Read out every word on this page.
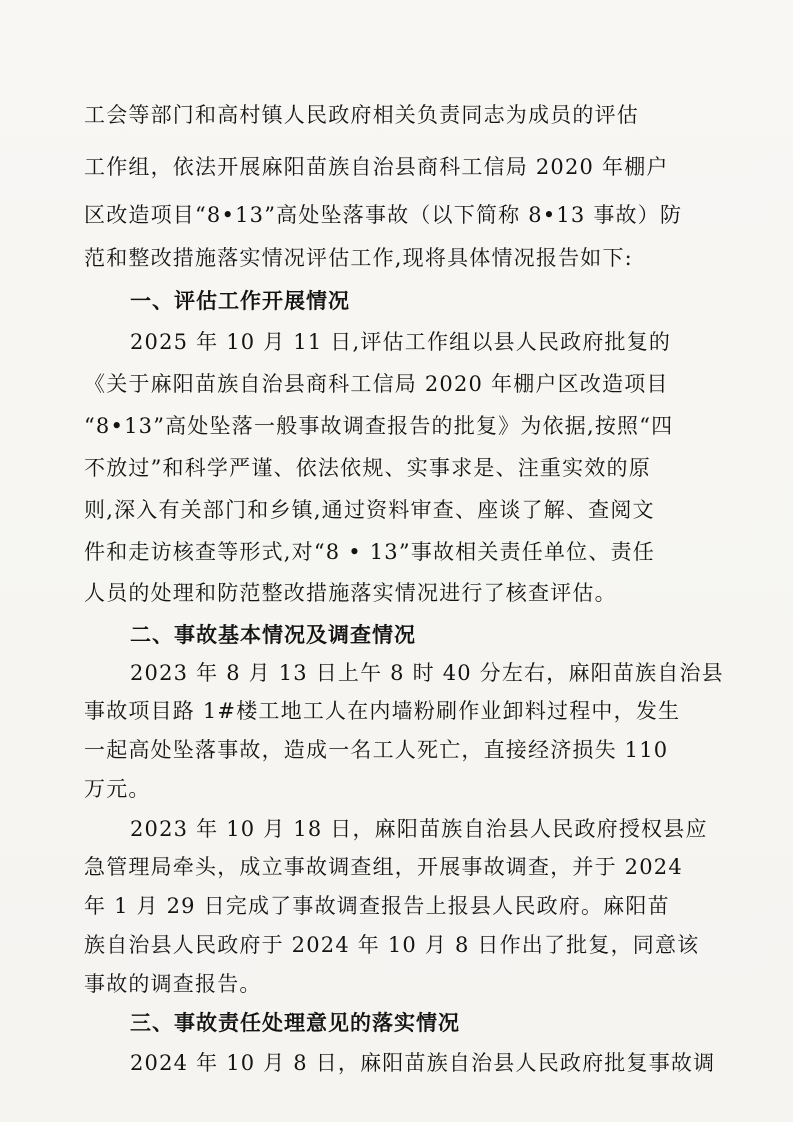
工会等部门和高村镇人民政府相关负责同志为成员的评估
工作组，依法开展麻阳苗族自治县商科工信局 2020 年棚户
区改造项目“8•13”高处坠落事故（以下简称 8•13 事故）防
范和整改措施落实情况评估工作,现将具体情况报告如下:
一、评估工作开展情况
2025 年 10 月 11 日,评估工作组以县人民政府批复的
《关于麻阳苗族自治县商科工信局 2020 年棚户区改造项目
“8•13”高处坠落一般事故调查报告的批复》为依据,按照“四
不放过”和科学严谨、依法依规、实事求是、注重实效的原
则,深入有关部门和乡镇,通过资料审查、座谈了解、查阅文
件和走访核查等形式,对“8 • 13”事故相关责任单位、责任
人员的处理和防范整改措施落实情况进行了核查评估。
二、事故基本情况及调查情况
2023 年 8 月 13 日上午 8 时 40 分左右，麻阳苗族自治县
事故项目路 1#楼工地工人在内墙粉刷作业卸料过程中，发生
一起高处坠落事故，造成一名工人死亡，直接经济损失 110
万元。
2023 年 10 月 18 日，麻阳苗族自治县人民政府授权县应
急管理局牵头，成立事故调查组，开展事故调查，并于 2024
年 1 月 29 日完成了事故调查报告上报县人民政府。麻阳苗
族自治县人民政府于 2024 年 10 月 8 日作出了批复，同意该
事故的调查报告。
三、事故责任处理意见的落实情况
2024 年 10 月 8 日，麻阳苗族自治县人民政府批复事故调
